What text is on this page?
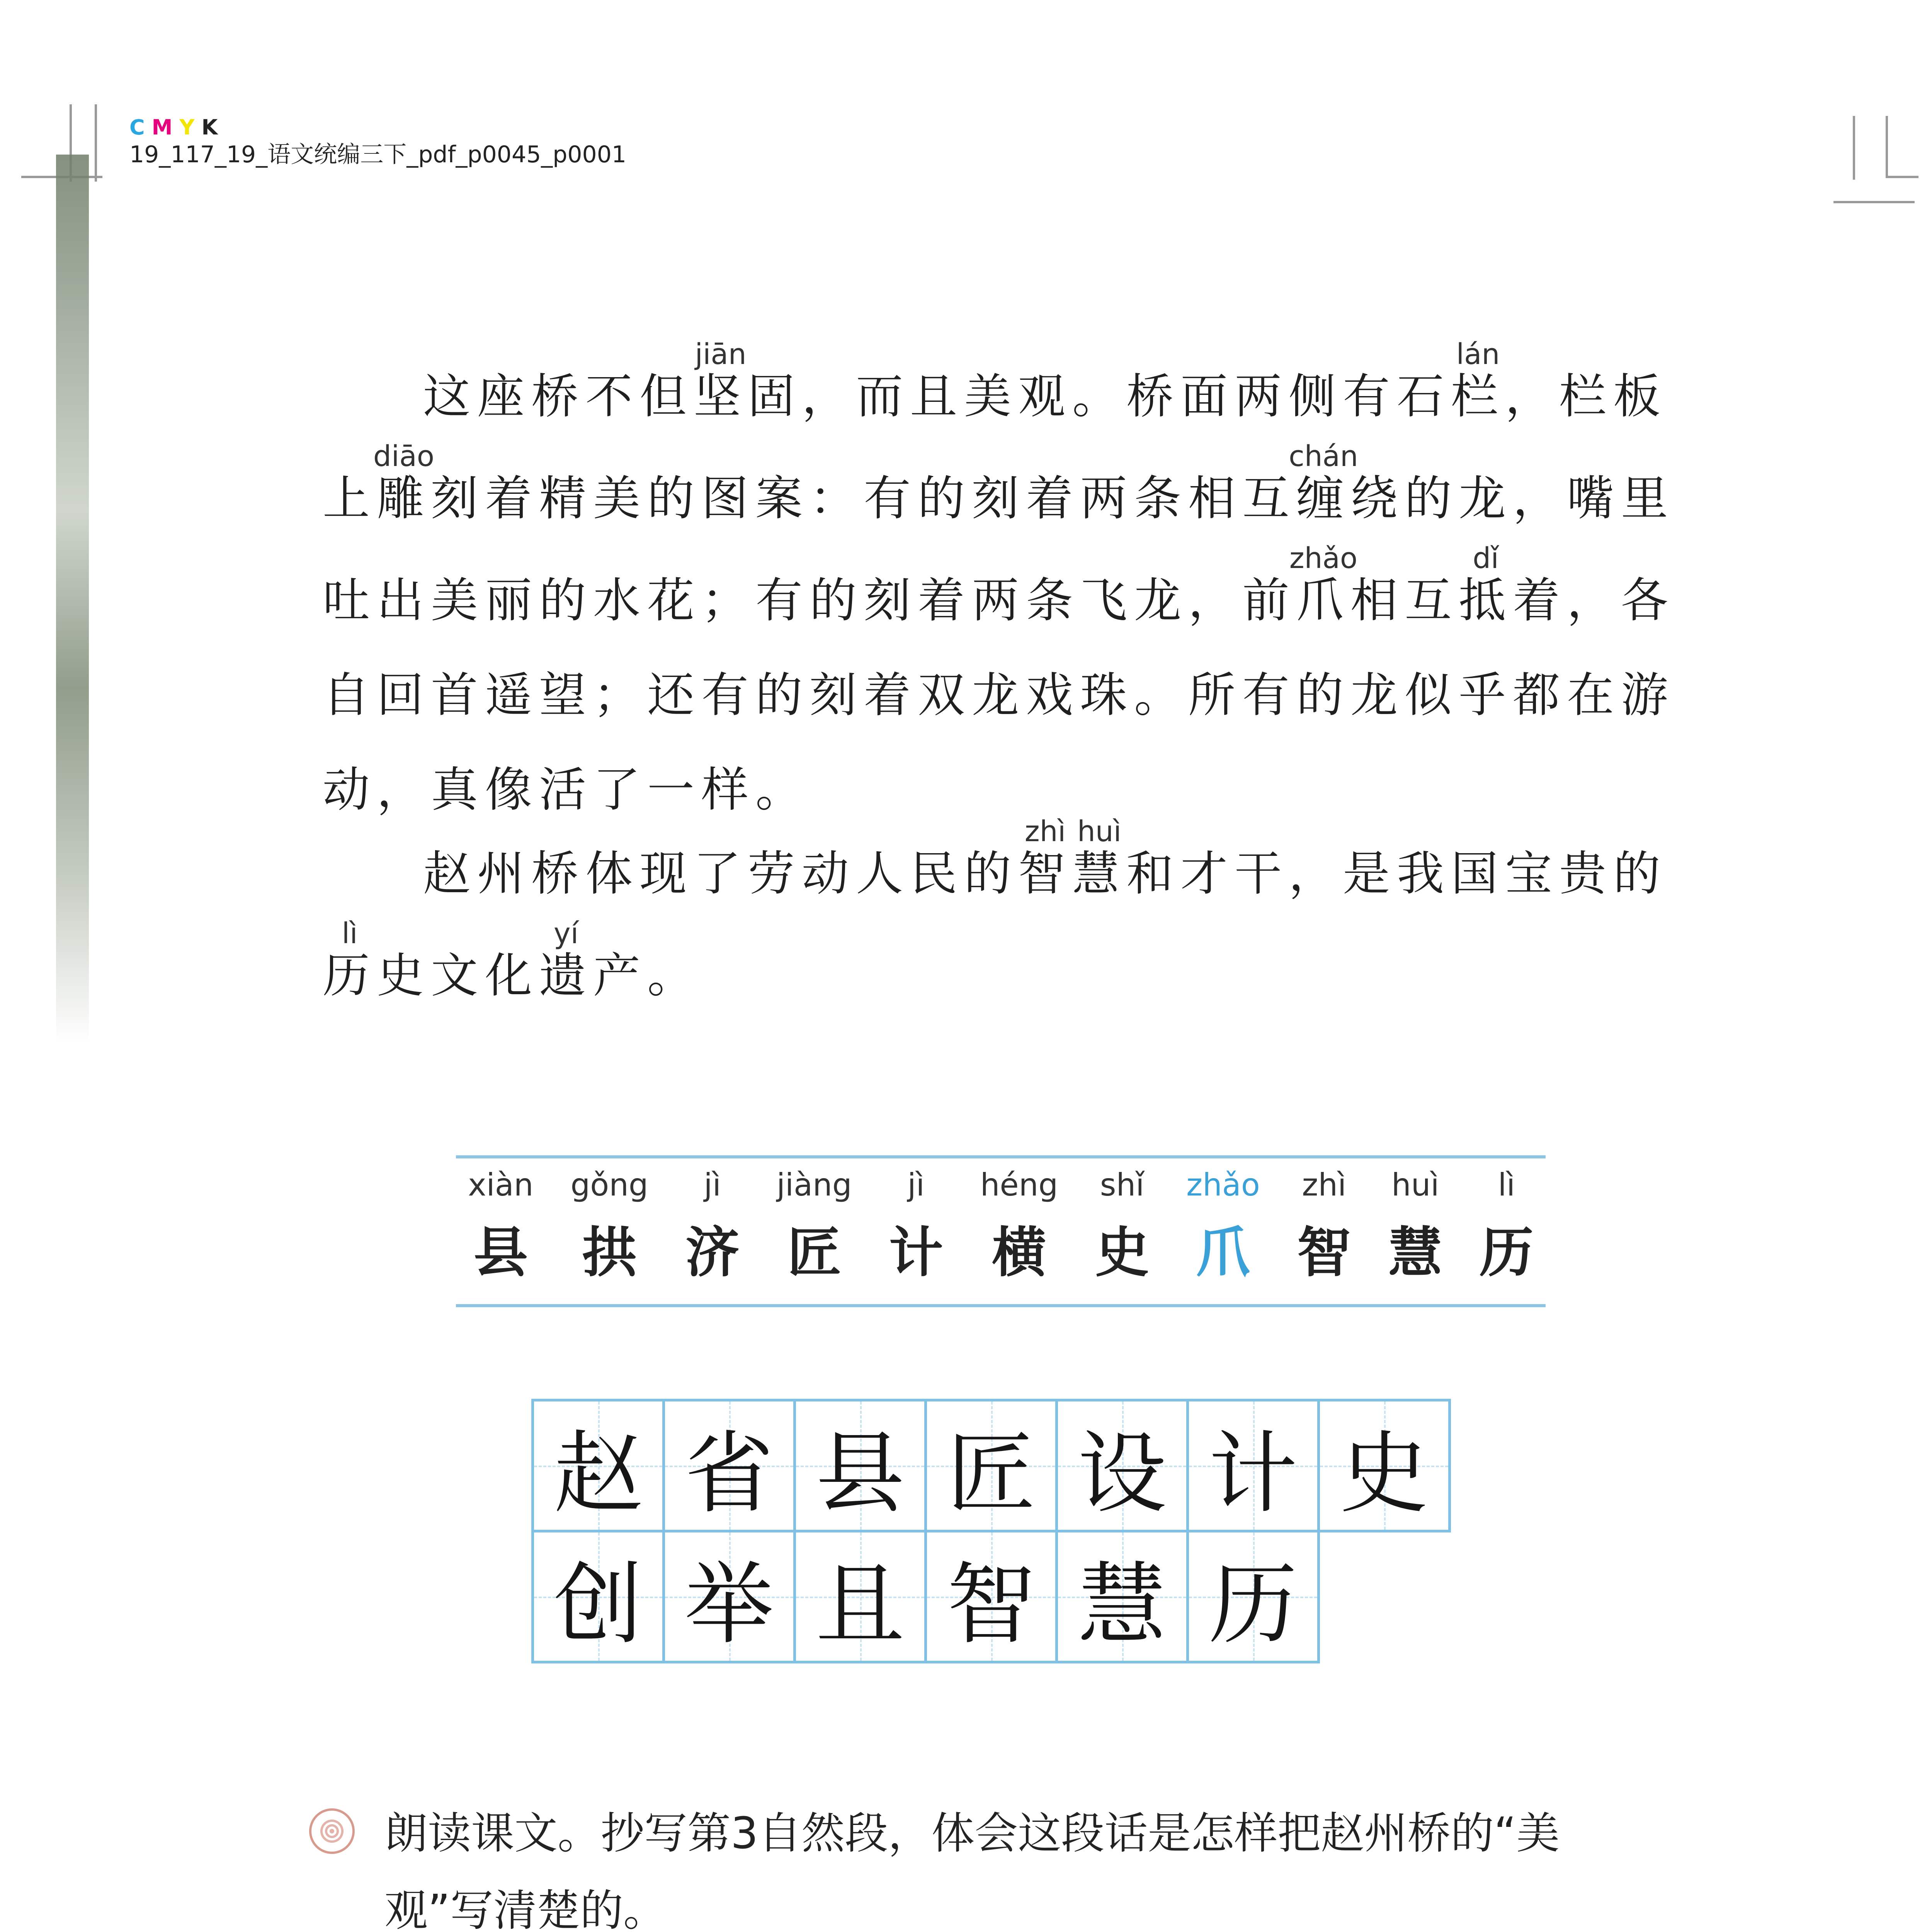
CMYK
19_117_19_语文统编三下_pdf_p0045_p0001
这座桥不但坚jiān固，而且美观。桥面两侧有石栏lán，栏板
上雕diāo刻着精美的图案：有的刻着两条相互缠chán绕的龙，嘴里
吐出美丽的水花；有的刻着两条飞龙，前爪zhǎo相互抵dǐ着，各
自回首遥望；还有的刻着双龙戏珠。所有的龙似乎都在游
动，真像活了一样。
赵州桥体现了劳动人民的智zhì慧huì和才干，是我国宝贵的
历lì史文化遗yí产。
xiàn
县
gǒng
拱
jì
济
jiàng
匠
jì
计
héng
横
shǐ
史
zhǎo
爪
zhì
智
huì
慧
lì
历
赵 省 县 匠 设 计 史
创 举 且 智 慧 历
朗读课文。抄写第3自然段，体会这段话是怎样把赵州桥的“美
观”写清楚的。
